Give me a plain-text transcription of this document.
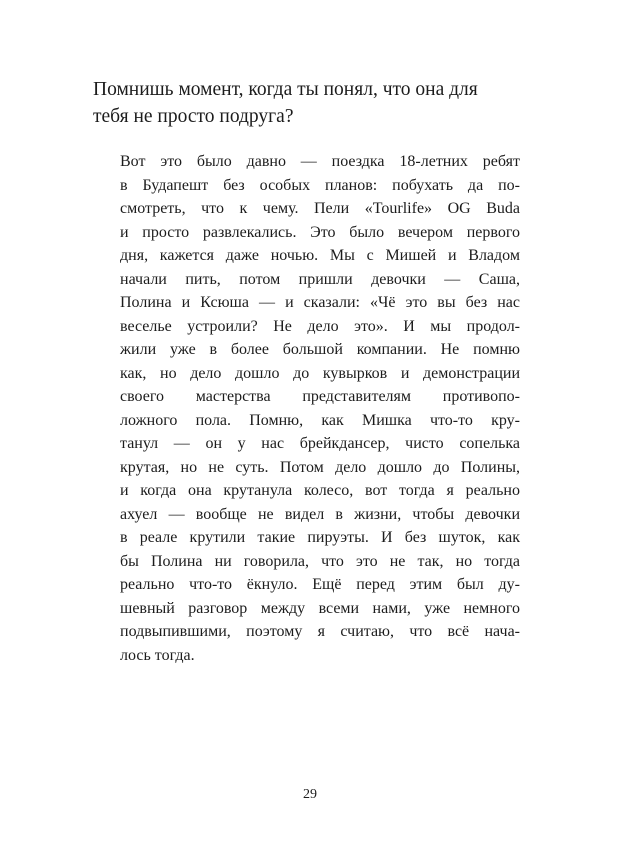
Помнишь момент, когда ты понял, что она для
тебя не просто подруга?
Вот это было давно — поездка 18-летних ребят
в Будапешт без особых планов: побухать да по-
смотреть, что к чему. Пели «Tourlife» OG Buda
и просто развлекались. Это было вечером первого
дня, кажется даже ночью. Мы с Мишей и Владом
начали пить, потом пришли девочки — Саша,
Полина и Ксюша — и сказали: «Чё это вы без нас
веселье устроили? Не дело это». И мы продол-
жили уже в более большой компании. Не помню
как, но дело дошло до кувырков и демонстрации
своего мастерства представителям противопо-
ложного пола. Помню, как Мишка что-то кру-
танул — он у нас брейкдансер, чисто сопелька
крутая, но не суть. Потом дело дошло до Полины,
и когда она крутанула колесо, вот тогда я реально
ахуел — вообще не видел в жизни, чтобы девочки
в реале крутили такие пируэты. И без шуток, как
бы Полина ни говорила, что это не так, но тогда
реально что-то ёкнуло. Ещё перед этим был ду-
шевный разговор между всеми нами, уже немного
подвыпившими, поэтому я считаю, что всё нача-
лось тогда.
29
